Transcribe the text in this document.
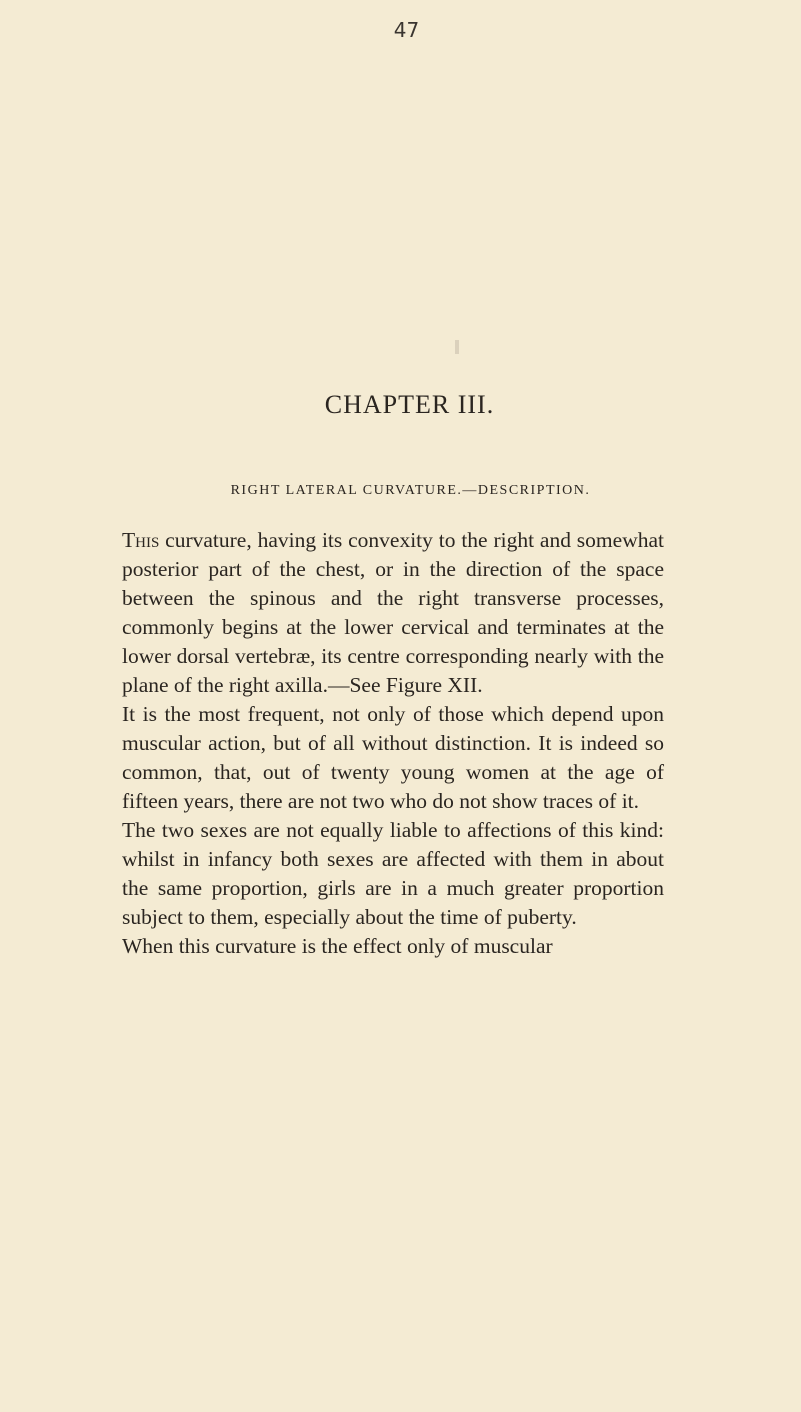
47
CHAPTER III.
RIGHT LATERAL CURVATURE.—DESCRIPTION.

This curvature, having its convexity to the right and somewhat posterior part of the chest, or in the direction of the space between the spinous and the right transverse processes, commonly begins at the lower cervical and terminates at the lower dorsal vertebræ, its centre corresponding nearly with the plane of the right axilla.—See Figure XII.

It is the most frequent, not only of those which depend upon muscular action, but of all without distinction. It is indeed so common, that, out of twenty young women at the age of fifteen years, there are not two who do not show traces of it.

The two sexes are not equally liable to affections of this kind: whilst in infancy both sexes are affected with them in about the same proportion, girls are in a much greater proportion subject to them, especially about the time of puberty.

When this curvature is the effect only of muscular
